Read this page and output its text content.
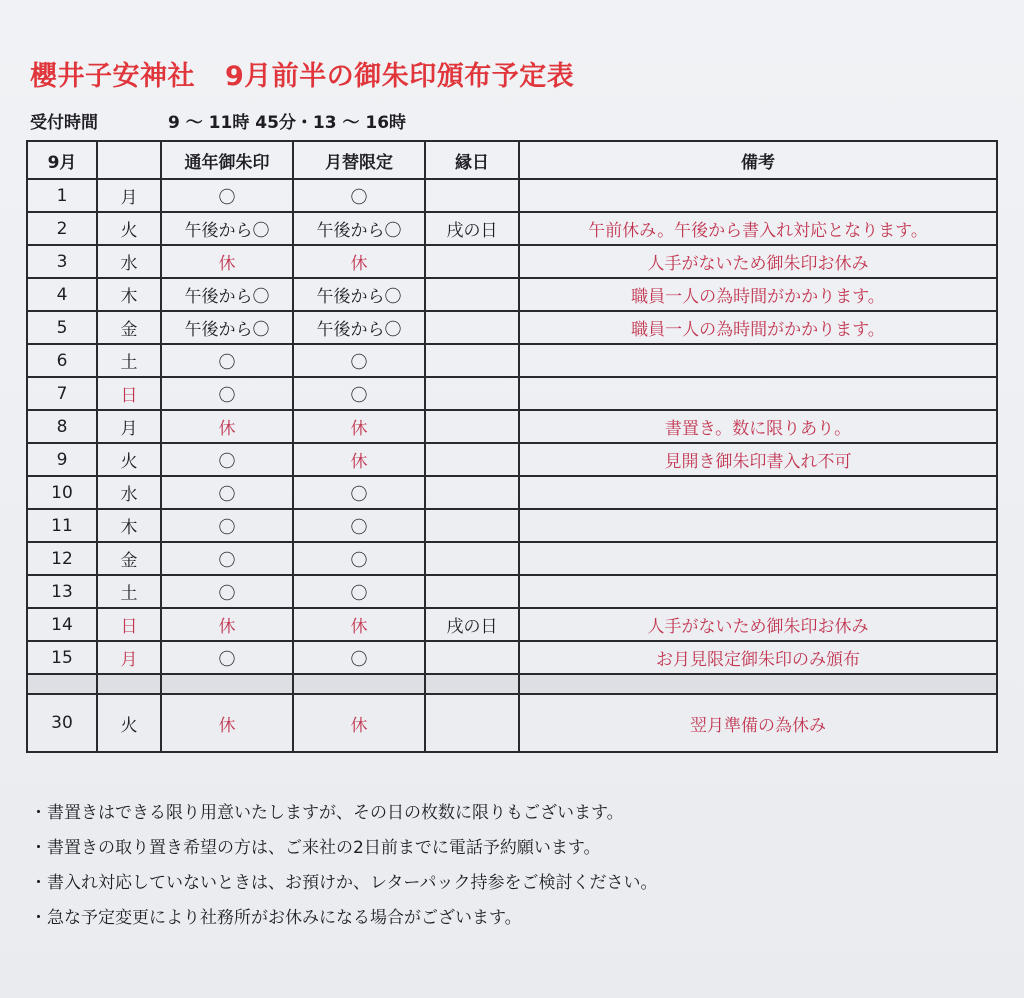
櫻井子安神社 9月前半の御朱印頒布予定表
受付時間	9 〜 11時 45分・13 〜 16時
9月		通年御朱印	月替限定	縁日	備考
1	月	〇	〇		
2	火	午後から〇	午後から〇	戌の日	午前休み。午後から書入れ対応となります。
3	水	休	休		人手がないため御朱印お休み
4	木	午後から〇	午後から〇		職員一人の為時間がかかります。
5	金	午後から〇	午後から〇		職員一人の為時間がかかります。
6	土	〇	〇		
7	日	〇	〇		
8	月	休	休		書置き。数に限りあり。
9	火	〇	休		見開き御朱印書入れ不可
10	水	〇	〇		
11	木	〇	〇		
12	金	〇	〇		
13	土	〇	〇		
14	日	休	休	戌の日	人手がないため御朱印お休み
15	月	〇	〇		お月見限定御朱印のみ頒布

30	火	休	休		翌月準備の為休み
・書置きはできる限り用意いたしますが、その日の枚数に限りもございます。
・書置きの取り置き希望の方は、ご来社の2日前までに電話予約願います。
・書入れ対応していないときは、お預けか、レターパック持参をご検討ください。
・急な予定変更により社務所がお休みになる場合がございます。
